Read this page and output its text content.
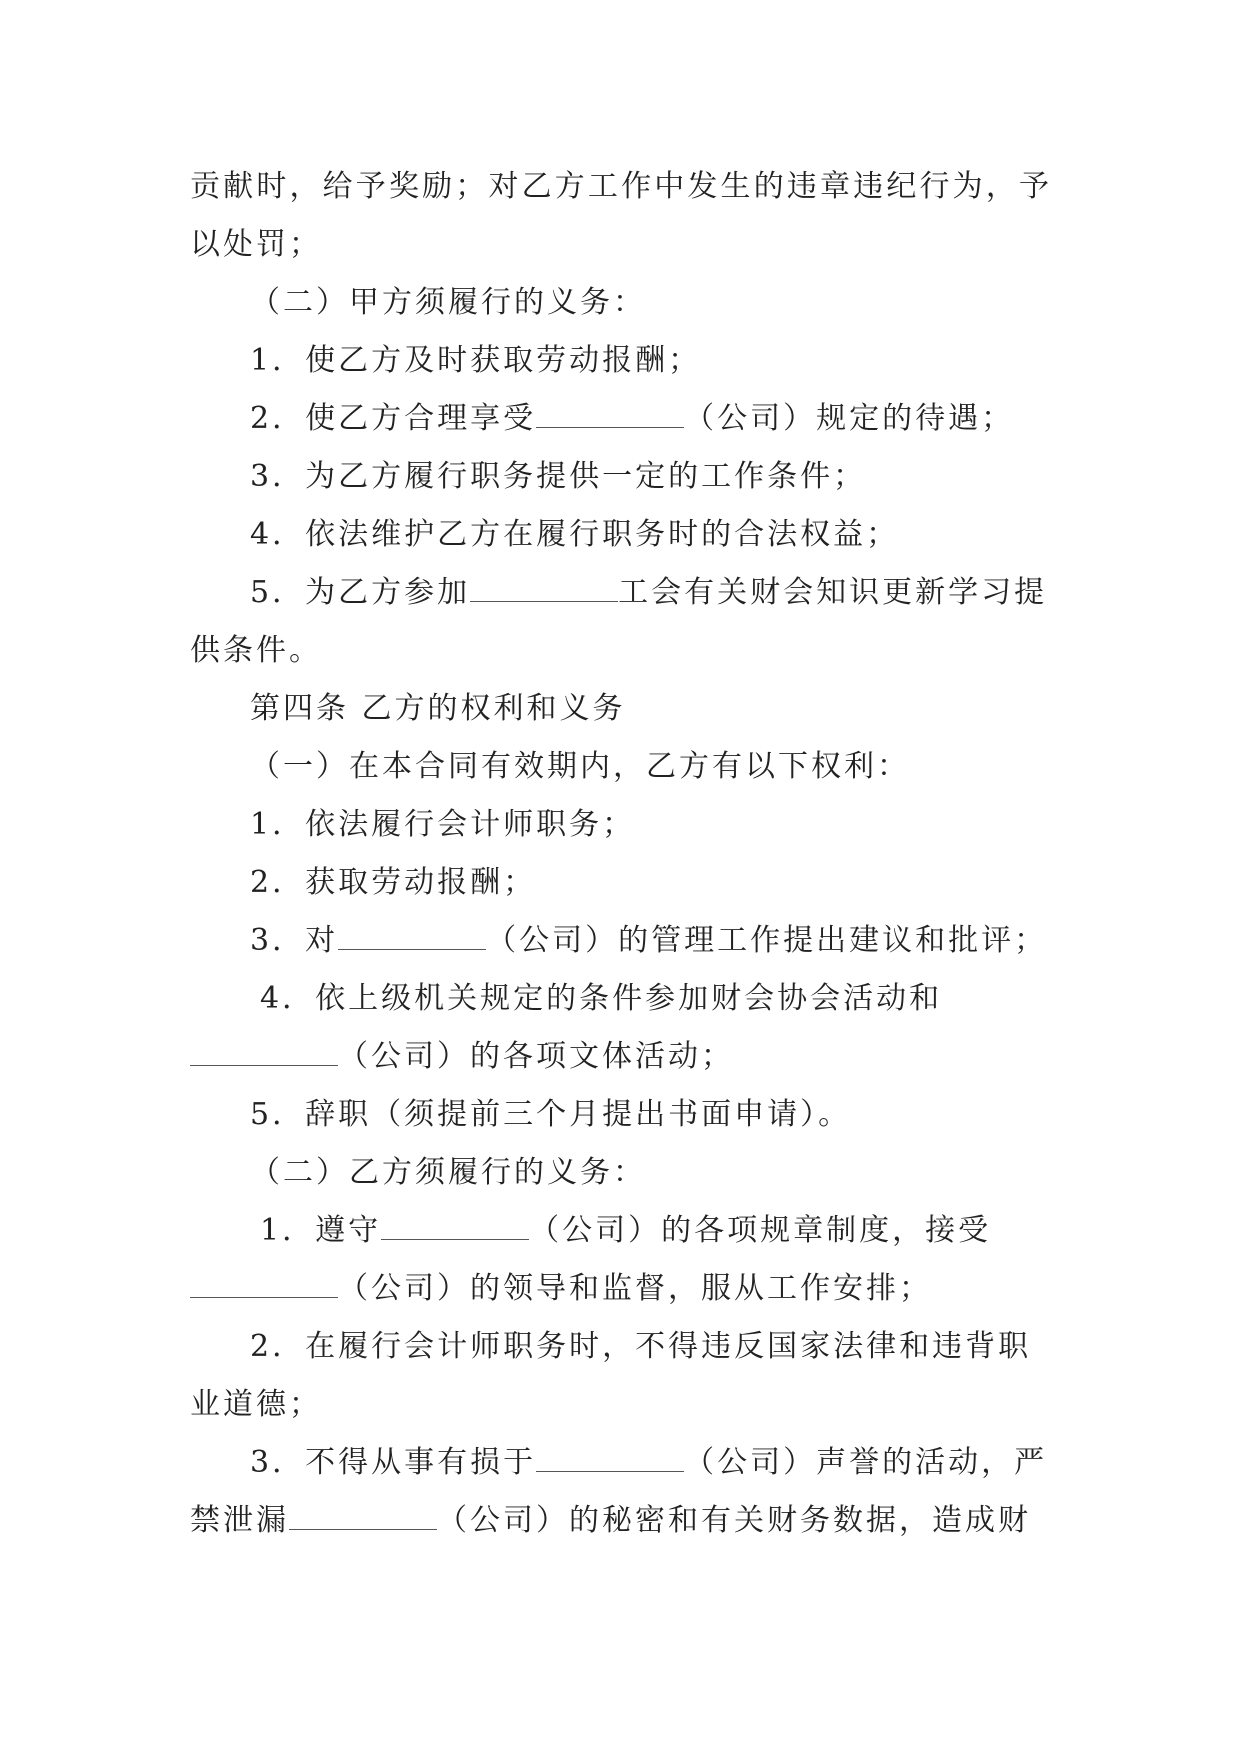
贡献时，给予奖励；对乙方工作中发生的违章违纪行为，予
以处罚；
（二）甲方须履行的义务：
1．使乙方及时获取劳动报酬；
2．使乙方合理享受	（公司）规定的待遇；
3．为乙方履行职务提供一定的工作条件；
4．依法维护乙方在履行职务时的合法权益；
5．为乙方参加	工会有关财会知识更新学习提
供条件。
第四条 乙方的权利和义务
（一）在本合同有效期内，乙方有以下权利：
1．依法履行会计师职务；
2．获取劳动报酬；
3．对	（公司）的管理工作提出建议和批评；
4．依上级机关规定的条件参加财会协会活动和
（公司）的各项文体活动；
5．辞职（须提前三个月提出书面申请）。
（二）乙方须履行的义务：
1．遵守	（公司）的各项规章制度，接受
（公司）的领导和监督，服从工作安排；
2．在履行会计师职务时，不得违反国家法律和违背职
业道德；
3．不得从事有损于	（公司）声誉的活动，严
禁泄漏	（公司）的秘密和有关财务数据，造成财
